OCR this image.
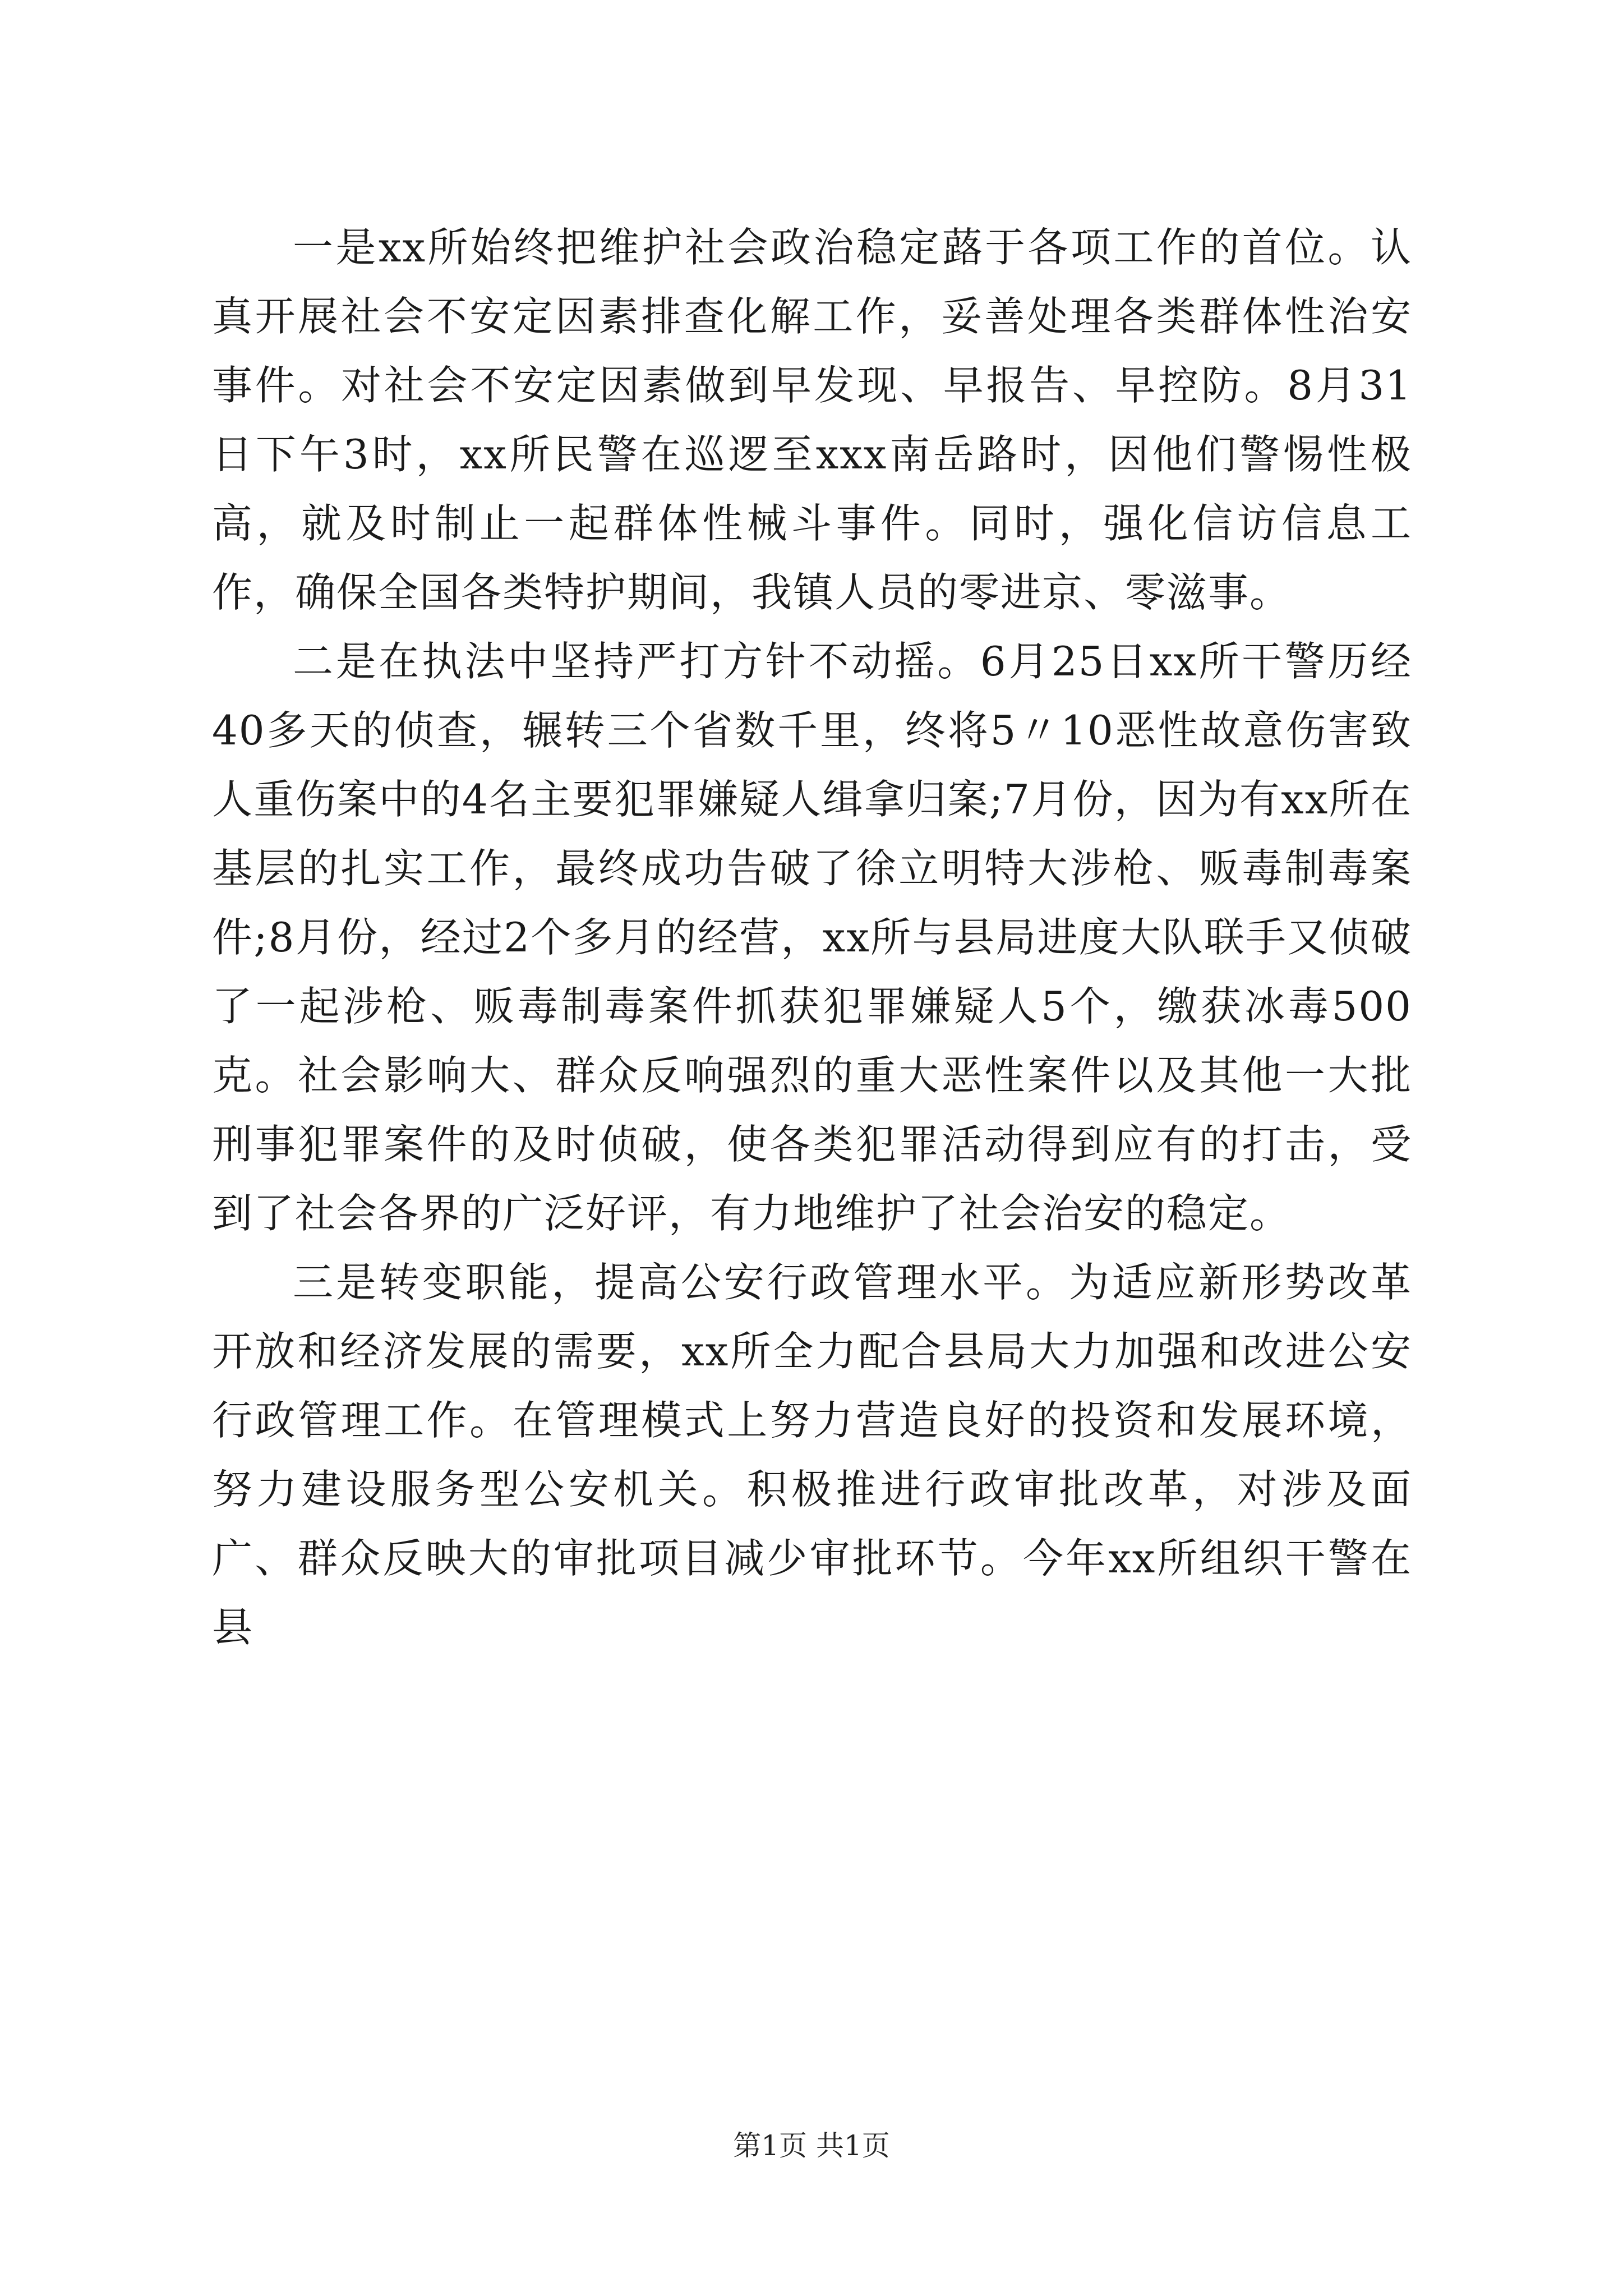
一是xx所始终把维护社会政治稳定蕗于各项工作的首位。认真开展社会不安定因素排查化解工作，妥善处理各类群体性治安事件。对社会不安定因素做到早发现、早报告、早控防。8月31日下午3时，xx所民警在巡逻至xxx南岳路时，因他们警惕性极高，就及时制止一起群体性械斗事件。同时，强化信访信息工作，确保全国各类特护期间，我镇人员的零进京、零滋事。

二是在执法中坚持严打方针不动摇。6月25日xx所干警历经40多天的侦查，辗转三个省数千里，终将5〃10恶性故意伤害致人重伤案中的4名主要犯罪嫌疑人缉拿归案;7月份，因为有xx所在基层的扎实工作，最终成功告破了徐立明特大涉枪、贩毒制毒案件;8月份，经过2个多月的经营，xx所与县局进度大队联手又侦破了一起涉枪、贩毒制毒案件抓获犯罪嫌疑人5个，缴获冰毒500克。社会影响大、群众反响强烈的重大恶性案件以及其他一大批刑事犯罪案件的及时侦破，使各类犯罪活动得到应有的打击，受到了社会各界的广泛好评，有力地维护了社会治安的稳定。

三是转变职能，提高公安行政管理水平。为适应新形势改革开放和经济发展的需要，xx所全力配合县局大力加强和改进公安行政管理工作。在管理模式上努力营造良好的投资和发展环境，努力建设服务型公安机关。积极推进行政审批改革，对涉及面广、群众反映大的审批项目减少审批环节。今年xx所组织干警在县

第1页 共1页
